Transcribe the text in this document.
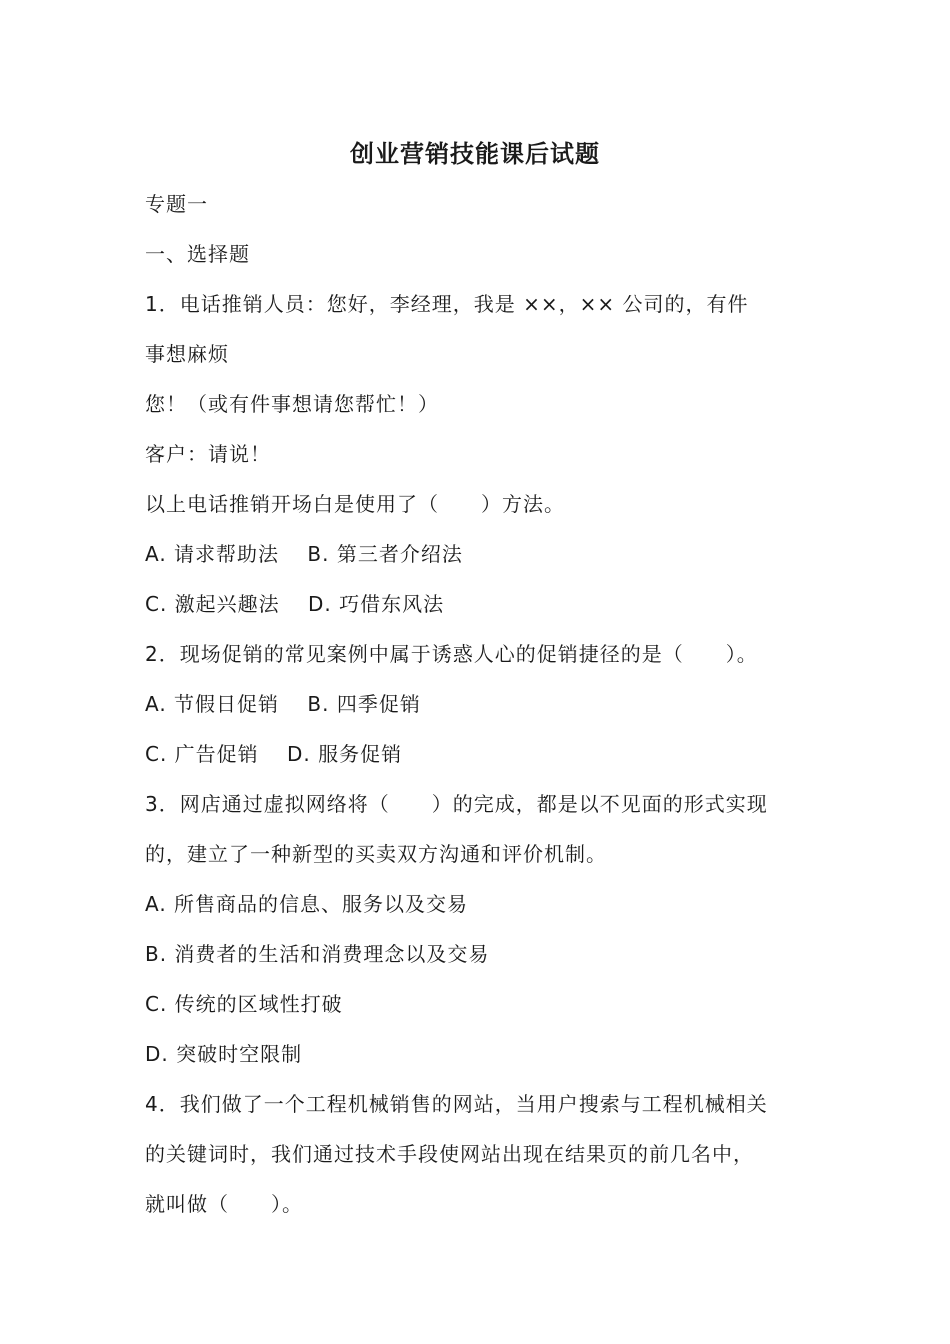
创业营销技能课后试题
专题一
一、选择题
1．电话推销人员：您好，李经理，我是 ××，×× 公司的，有件
事想麻烦
您！（或有件事想请您帮忙！）
客户：请说！
以上电话推销开场白是使用了（　　）方法。
A. 请求帮助法　 B. 第三者介绍法
C. 激起兴趣法　 D. 巧借东风法
2．现场促销的常见案例中属于诱惑人心的促销捷径的是（　　）。
A. 节假日促销　 B. 四季促销
C. 广告促销　 D. 服务促销
3．网店通过虚拟网络将（　　）的完成，都是以不见面的形式实现
的，建立了一种新型的买卖双方沟通和评价机制。
A. 所售商品的信息、服务以及交易
B. 消费者的生活和消费理念以及交易
C. 传统的区域性打破
D. 突破时空限制
4．我们做了一个工程机械销售的网站，当用户搜索与工程机械相关
的关键词时，我们通过技术手段使网站出现在结果页的前几名中，
就叫做（　　）。
